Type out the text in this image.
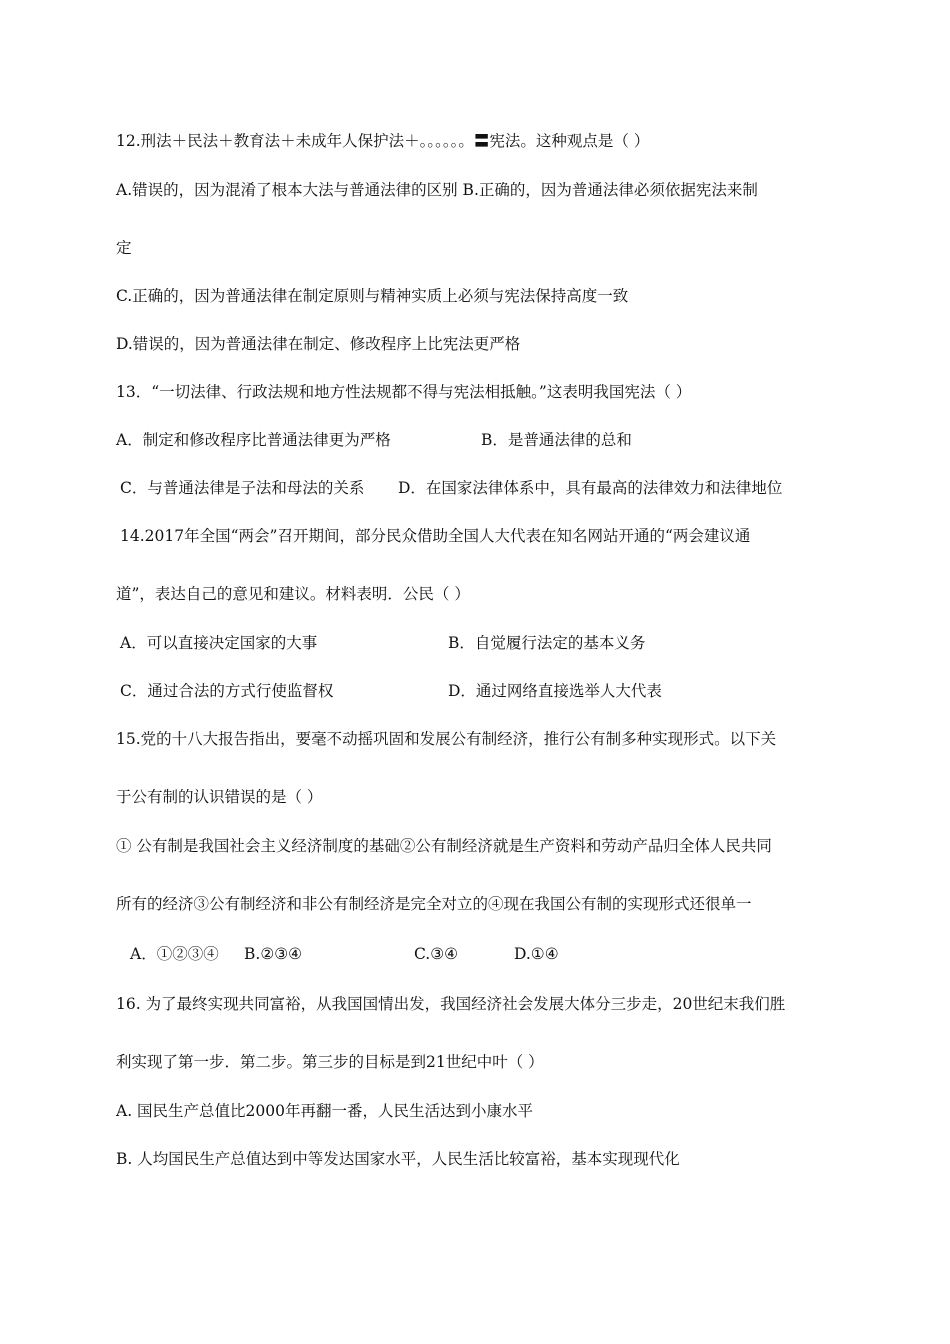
12.刑法＋民法＋教育法＋未成年人保护法＋。。。。。。〓宪法。这种观点是（ ）
A.错误的，因为混淆了根本大法与普通法律的区别 B.正确的，因为普通法律必须依据宪法来制
定
C.正确的，因为普通法律在制定原则与精神实质上必须与宪法保持高度一致
D.错误的，因为普通法律在制定、修改程序上比宪法更严格
13．“一切法律、行政法规和地方性法规都不得与宪法相抵触。”这表明我国宪法（ ）
A．制定和修改程序比普通法律更为严格	B．是普通法律的总和
C．与普通法律是子法和母法的关系 D．在国家法律体系中，具有最高的法律效力和法律地位
14.2017年全国“两会”召开期间，部分民众借助全国人大代表在知名网站开通的“两会建议通
道”，表达自己的意见和建议。材料表明．公民（ ）
A．可以直接决定国家的大事	B．自觉履行法定的基本义务
C．通过合法的方式行使监督权	D．通过网络直接选举人大代表
15.党的十八大报告指出，要毫不动摇巩固和发展公有制经济，推行公有制多种实现形式。以下关
于公有制的认识错误的是（ ）
① 公有制是我国社会主义经济制度的基础②公有制经济就是生产资料和劳动产品归全体人民共同
所有的经济③公有制经济和非公有制经济是完全对立的④现在我国公有制的实现形式还很单一
A．①②③④ B.②③④	C.③④	D.①④
16. 为了最终实现共同富裕，从我国国情出发，我国经济社会发展大体分三步走，20世纪末我们胜
利实现了第一步．第二步。第三步的目标是到21世纪中叶（ ）
A. 国民生产总值比2000年再翻一番，人民生活达到小康水平
B. 人均国民生产总值达到中等发达国家水平，人民生活比较富裕，基本实现现代化
